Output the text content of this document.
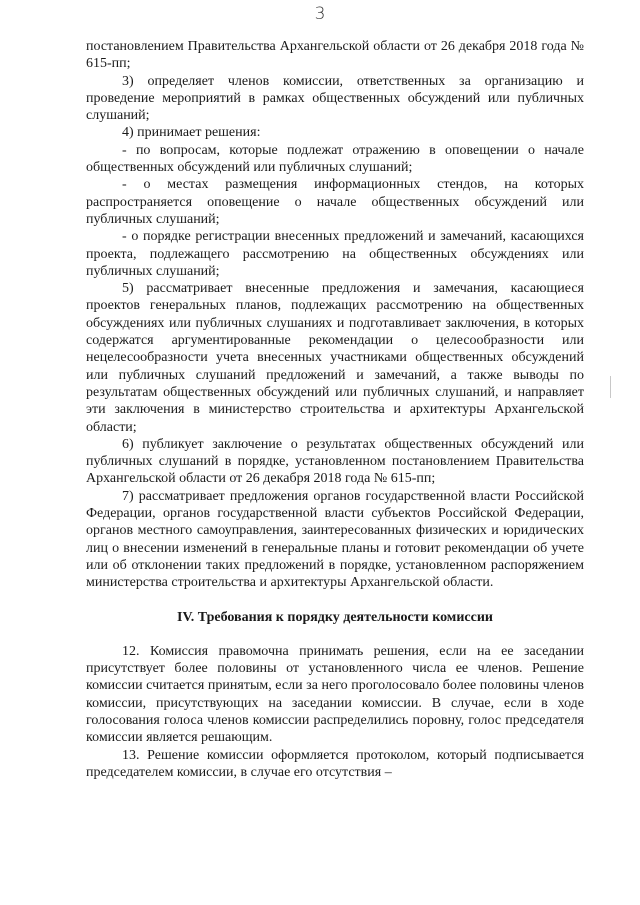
3

постановлением Правительства Архангельской области от 26 декабря 2018 года № 615-пп;

3) определяет членов комиссии, ответственных за организацию и проведение мероприятий в рамках общественных обсуждений или публичных слушаний;

4) принимает решения:

- по вопросам, которые подлежат отражению в оповещении о начале общественных обсуждений или публичных слушаний;

- о местах размещения информационных стендов, на которых распространяется оповещение о начале общественных обсуждений или публичных слушаний;

- о порядке регистрации внесенных предложений и замечаний, касающихся проекта, подлежащего рассмотрению на общественных обсуждениях или публичных слушаний;

5) рассматривает внесенные предложения и замечания, касающиеся проектов генеральных планов, подлежащих рассмотрению на общественных обсуждениях или публичных слушаниях и подготавливает заключения, в которых содержатся аргументированные рекомендации о целесообразности или нецелесообразности учета внесенных участниками общественных обсуждений или публичных слушаний предложений и замечаний, а также выводы по результатам общественных обсуждений или публичных слушаний, и направляет эти заключения в министерство строительства и архитектуры Архангельской области;

6) публикует заключение о результатах общественных обсуждений или публичных слушаний в порядке, установленном постановлением Правительства Архангельской области от 26 декабря 2018 года № 615-пп;

7) рассматривает предложения органов государственной власти Российской Федерации, органов государственной власти субъектов Российской Федерации, органов местного самоуправления, заинтересованных физических и юридических лиц о внесении изменений в генеральные планы и готовит рекомендации об учете или об отклонении таких предложений в порядке, установленном распоряжением министерства строительства и архитектуры Архангельской области.

IV. Требования к порядку деятельности комиссии

12. Комиссия правомочна принимать решения, если на ее заседании присутствует более половины от установленного числа ее членов. Решение комиссии считается принятым, если за него проголосовало более половины членов комиссии, присутствующих на заседании комиссии. В случае, если в ходе голосования голоса членов комиссии распределились поровну, голос председателя комиссии является решающим.

13. Решение комиссии оформляется протоколом, который подписывается председателем комиссии, в случае его отсутствия –
